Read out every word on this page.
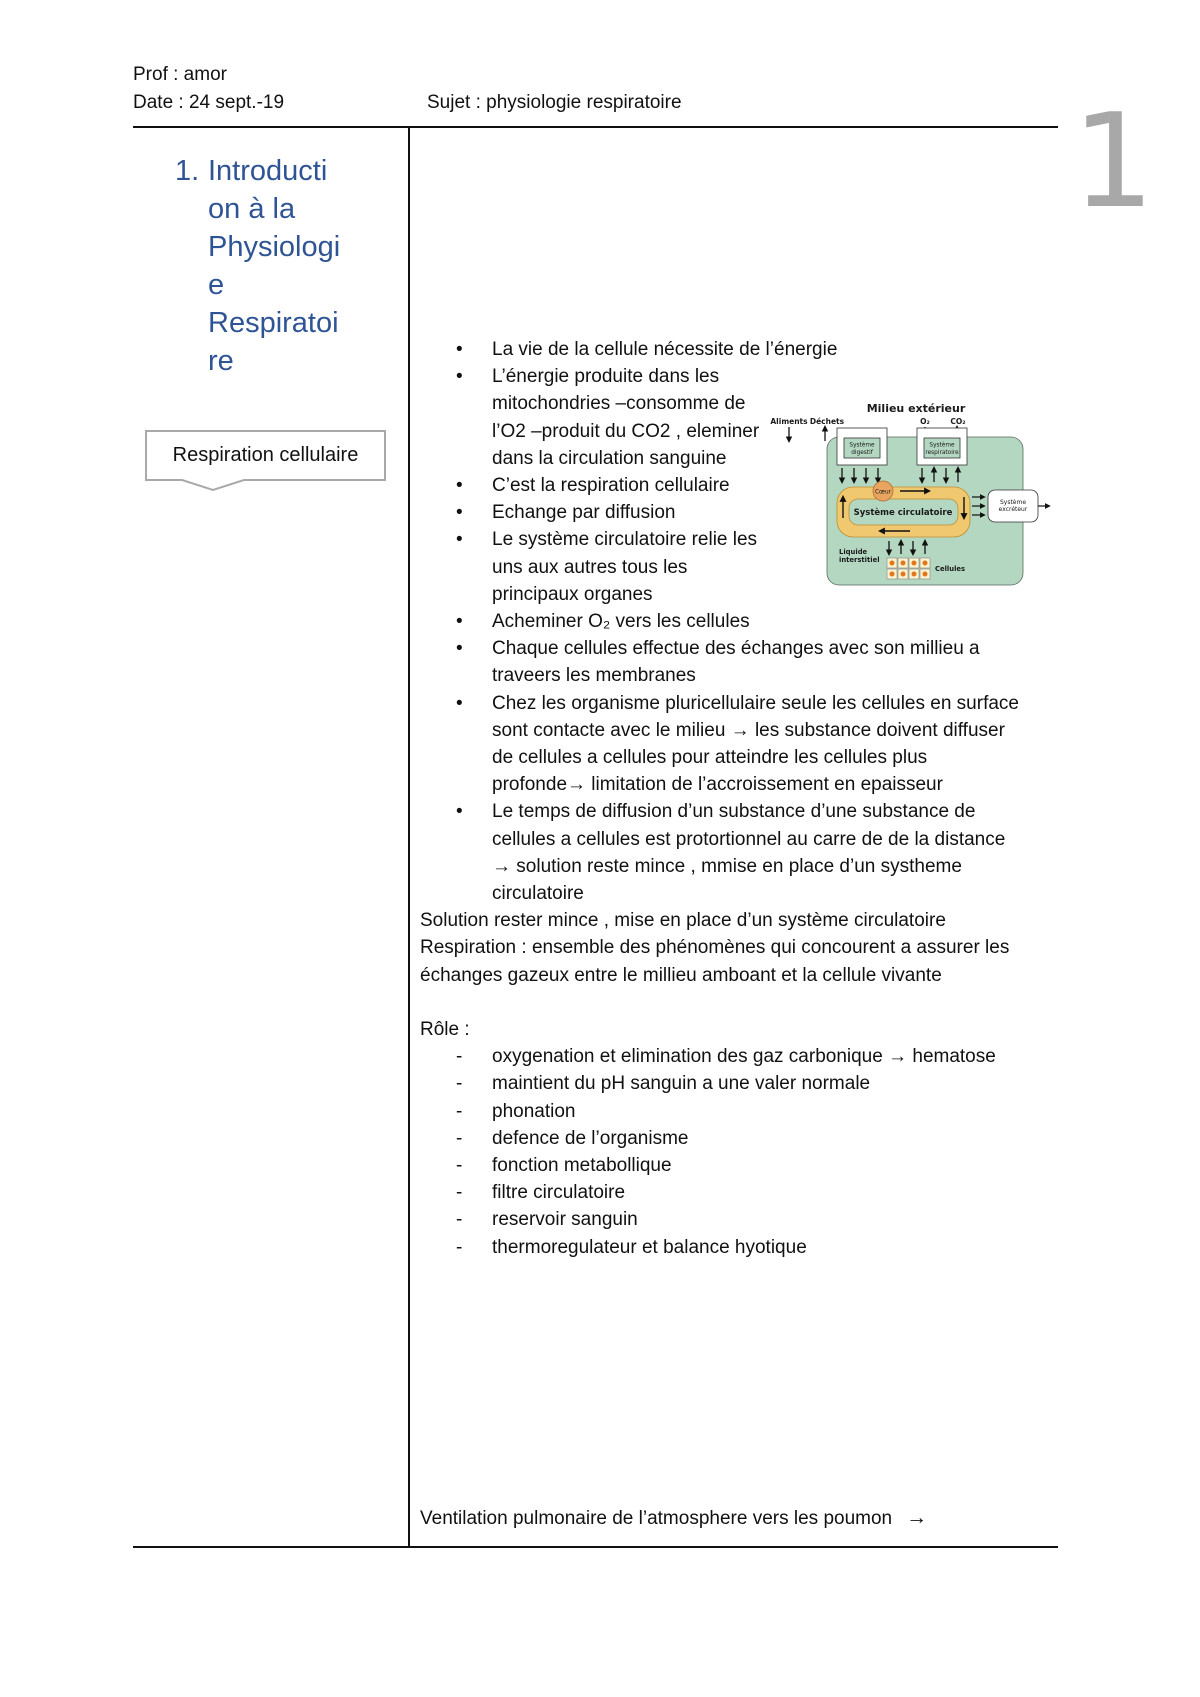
Prof : amor
Date : 24 sept.-19	Sujet : physiologie respiratoire	1
1. Introducti
on à la
Physiologi
e
Respiratoi
re
Respiration cellulaire
• La vie de la cellule nécessite de l’énergie
• L’énergie produite dans les
mitochondries –consomme de
l’O2 –produit du CO2 , eleminer
dans la circulation sanguine
• C’est la respiration cellulaire
• Echange par diffusion
• Le système circulatoire relie les
uns aux autres tous les
principaux organes
• Acheminer O₂ vers les cellules
• Chaque cellules effectue des échanges avec son millieu a
traveers les membranes
• Chez les organisme pluricellulaire seule les cellules en surface
sont contacte avec le milieu → les substance doivent diffuser
de cellules a cellules pour atteindre les cellules plus
profonde→ limitation de l’accroissement en epaisseur
• Le temps de diffusion d’un substance d’une substance de
cellules a cellules est protortionnel au carre de de la distance
→ solution reste mince , mmise en place d’un systheme
circulatoire
Solution rester mince , mise en place d’un système circulatoire
Respiration : ensemble des phénomènes qui concourent a assurer les
échanges gazeux entre le millieu amboant et la cellule vivante
Rôle :
- oxygenation et elimination des gaz carbonique → hematose
- maintient du pH sanguin a une valer normale
- phonation
- defence de l’organisme
- fonction metabollique
- filtre circulatoire
- reservoir sanguin
- thermoregulateur et balance hyotique
Ventilation pulmonaire de l’atmosphere vers les poumon →
Milieu extérieur
Aliments Déchets	O₂	CO₂
Système
digestif
Système
respiratoire
Système circulatoire
Cœur
Système
excréteur
Liquide
interstitiel
Cellules
